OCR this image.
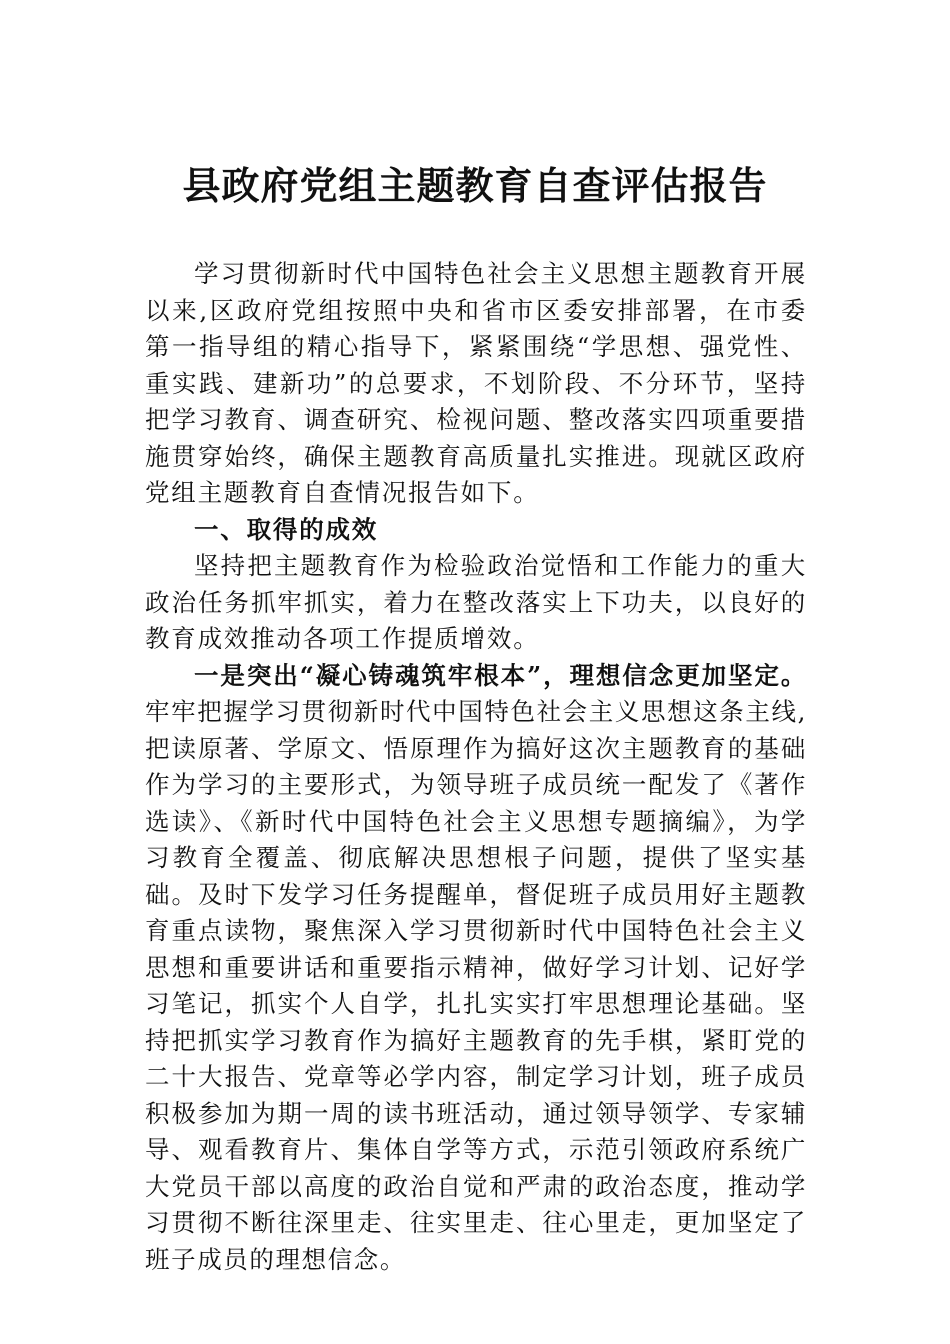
县政府党组主题教育自查评估报告

学习贯彻新时代中国特色社会主义思想主题教育开展以来,区政府党组按照中央和省市区委安排部署，在市委第一指导组的精心指导下，紧紧围绕“学思想、强党性、重实践、建新功”的总要求，不划阶段、不分环节，坚持把学习教育、调查研究、检视问题、整改落实四项重要措施贯穿始终，确保主题教育高质量扎实推进。现就区政府党组主题教育自查情况报告如下。

一、取得的成效

坚持把主题教育作为检验政治觉悟和工作能力的重大政治任务抓牢抓实，着力在整改落实上下功夫，以良好的教育成效推动各项工作提质增效。

一是突出“凝心铸魂筑牢根本”，理想信念更加坚定。牢牢把握学习贯彻新时代中国特色社会主义思想这条主线,把读原著、学原文、悟原理作为搞好这次主题教育的基础作为学习的主要形式，为领导班子成员统一配发了《著作选读》、《新时代中国特色社会主义思想专题摘编》，为学习教育全覆盖、彻底解决思想根子问题，提供了坚实基础。及时下发学习任务提醒单，督促班子成员用好主题教育重点读物，聚焦深入学习贯彻新时代中国特色社会主义思想和重要讲话和重要指示精神，做好学习计划、记好学习笔记，抓实个人自学，扎扎实实打牢思想理论基础。坚持把抓实学习教育作为搞好主题教育的先手棋，紧盯党的二十大报告、党章等必学内容，制定学习计划，班子成员积极参加为期一周的读书班活动，通过领导领学、专家辅导、观看教育片、集体自学等方式，示范引领政府系统广大党员干部以高度的政治自觉和严肃的政治态度，推动学习贯彻不断往深里走、往实里走、往心里走，更加坚定了班子成员的理想信念。
